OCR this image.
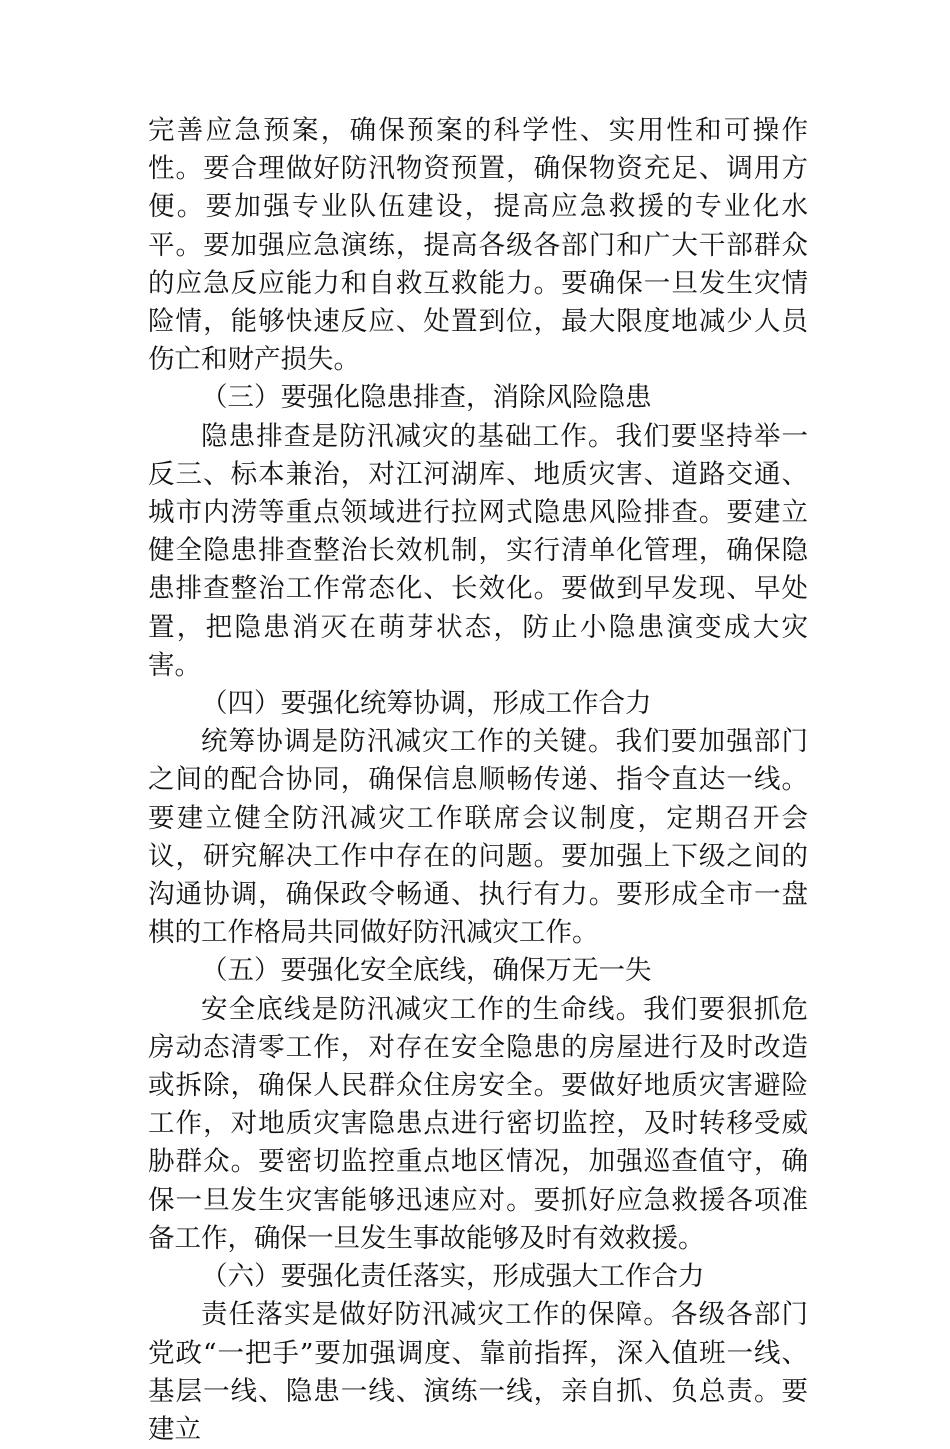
完善应急预案，确保预案的科学性、实用性和可操作性。要合理做好防汛物资预置，确保物资充足、调用方便。要加强专业队伍建设，提高应急救援的专业化水平。要加强应急演练，提高各级各部门和广大干部群众的应急反应能力和自救互救能力。要确保一旦发生灾情险情，能够快速反应、处置到位，最大限度地减少人员伤亡和财产损失。

（三）要强化隐患排查，消除风险隐患

隐患排查是防汛减灾的基础工作。我们要坚持举一反三、标本兼治，对江河湖库、地质灾害、道路交通、城市内涝等重点领域进行拉网式隐患风险排查。要建立健全隐患排查整治长效机制，实行清单化管理，确保隐患排查整治工作常态化、长效化。要做到早发现、早处置，把隐患消灭在萌芽状态，防止小隐患演变成大灾害。

（四）要强化统筹协调，形成工作合力

统筹协调是防汛减灾工作的关键。我们要加强部门之间的配合协同，确保信息顺畅传递、指令直达一线。要建立健全防汛减灾工作联席会议制度，定期召开会议，研究解决工作中存在的问题。要加强上下级之间的沟通协调，确保政令畅通、执行有力。要形成全市一盘棋的工作格局共同做好防汛减灾工作。

（五）要强化安全底线，确保万无一失

安全底线是防汛减灾工作的生命线。我们要狠抓危房动态清零工作，对存在安全隐患的房屋进行及时改造或拆除，确保人民群众住房安全。要做好地质灾害避险工作，对地质灾害隐患点进行密切监控，及时转移受威胁群众。要密切监控重点地区情况，加强巡查值守，确保一旦发生灾害能够迅速应对。要抓好应急救援各项准备工作，确保一旦发生事故能够及时有效救援。

（六）要强化责任落实，形成强大工作合力

责任落实是做好防汛减灾工作的保障。各级各部门党政“一把手”要加强调度、靠前指挥，深入值班一线、基层一线、隐患一线、演练一线，亲自抓、负总责。要建立
